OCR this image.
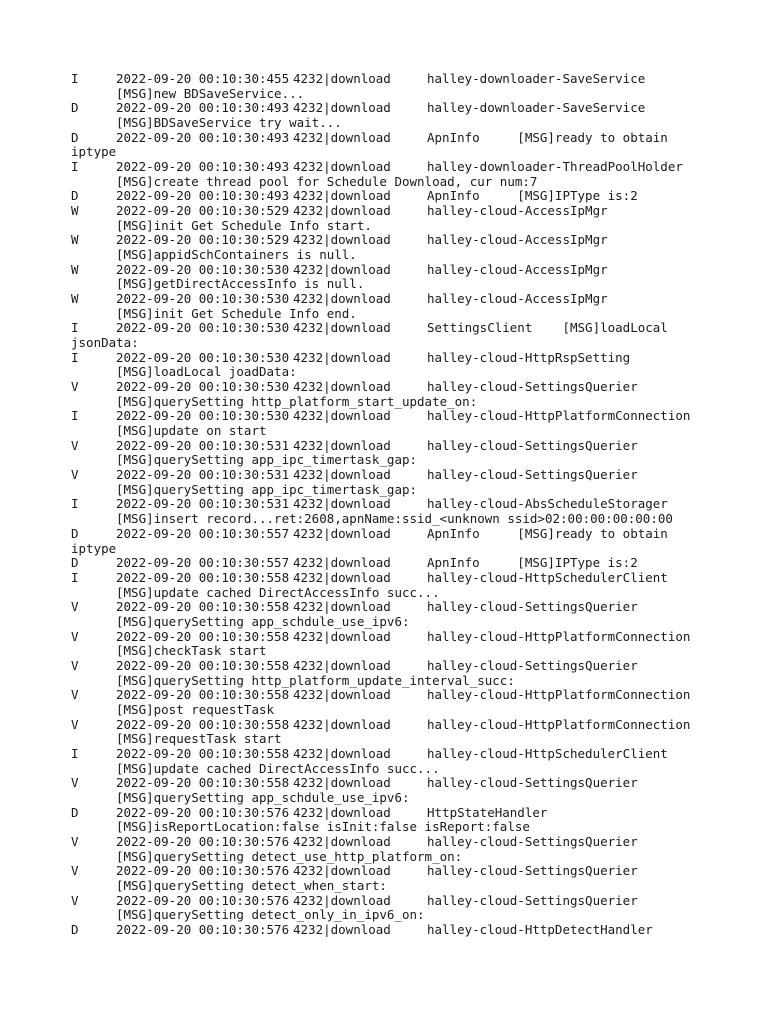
I	2022-09-20 00:10:30:455 4232|download	halley-downloader-SaveService
[MSG]new BDSaveService...
D	2022-09-20 00:10:30:493 4232|download	halley-downloader-SaveService
[MSG]BDSaveService try wait...
D	2022-09-20 00:10:30:493 4232|download	ApnInfo     [MSG]ready to obtain
iptype
I	2022-09-20 00:10:30:493 4232|download	halley-downloader-ThreadPoolHolder
[MSG]create thread pool for Schedule Download, cur num:7
D	2022-09-20 00:10:30:493 4232|download	ApnInfo     [MSG]IPType is:2
W	2022-09-20 00:10:30:529 4232|download	halley-cloud-AccessIpMgr
[MSG]init Get Schedule Info start.
W	2022-09-20 00:10:30:529 4232|download	halley-cloud-AccessIpMgr
[MSG]appidSchContainers is null.
W	2022-09-20 00:10:30:530 4232|download	halley-cloud-AccessIpMgr
[MSG]getDirectAccessInfo is null.
W	2022-09-20 00:10:30:530 4232|download	halley-cloud-AccessIpMgr
[MSG]init Get Schedule Info end.
I	2022-09-20 00:10:30:530 4232|download	SettingsClient    [MSG]loadLocal
jsonData:
I	2022-09-20 00:10:30:530 4232|download	halley-cloud-HttpRspSetting
[MSG]loadLocal joadData:
V	2022-09-20 00:10:30:530 4232|download	halley-cloud-SettingsQuerier
[MSG]querySetting http_platform_start_update_on:
I	2022-09-20 00:10:30:530 4232|download	halley-cloud-HttpPlatformConnection
[MSG]update on start
V	2022-09-20 00:10:30:531 4232|download	halley-cloud-SettingsQuerier
[MSG]querySetting app_ipc_timertask_gap:
V	2022-09-20 00:10:30:531 4232|download	halley-cloud-SettingsQuerier
[MSG]querySetting app_ipc_timertask_gap:
I	2022-09-20 00:10:30:531 4232|download	halley-cloud-AbsScheduleStorager
[MSG]insert record...ret:2608,apnName:ssid_<unknown ssid>02:00:00:00:00:00
D	2022-09-20 00:10:30:557 4232|download	ApnInfo     [MSG]ready to obtain
iptype
D	2022-09-20 00:10:30:557 4232|download	ApnInfo     [MSG]IPType is:2
I	2022-09-20 00:10:30:558 4232|download	halley-cloud-HttpSchedulerClient
[MSG]update cached DirectAccessInfo succ...
V	2022-09-20 00:10:30:558 4232|download	halley-cloud-SettingsQuerier
[MSG]querySetting app_schdule_use_ipv6:
V	2022-09-20 00:10:30:558 4232|download	halley-cloud-HttpPlatformConnection
[MSG]checkTask start
V	2022-09-20 00:10:30:558 4232|download	halley-cloud-SettingsQuerier
[MSG]querySetting http_platform_update_interval_succ:
V	2022-09-20 00:10:30:558 4232|download	halley-cloud-HttpPlatformConnection
[MSG]post requestTask
V	2022-09-20 00:10:30:558 4232|download	halley-cloud-HttpPlatformConnection
[MSG]requestTask start
I	2022-09-20 00:10:30:558 4232|download	halley-cloud-HttpSchedulerClient
[MSG]update cached DirectAccessInfo succ...
V	2022-09-20 00:10:30:558 4232|download	halley-cloud-SettingsQuerier
[MSG]querySetting app_schdule_use_ipv6:
D	2022-09-20 00:10:30:576 4232|download	HttpStateHandler
[MSG]isReportLocation:false isInit:false isReport:false
V	2022-09-20 00:10:30:576 4232|download	halley-cloud-SettingsQuerier
[MSG]querySetting detect_use_http_platform_on:
V	2022-09-20 00:10:30:576 4232|download	halley-cloud-SettingsQuerier
[MSG]querySetting detect_when_start:
V	2022-09-20 00:10:30:576 4232|download	halley-cloud-SettingsQuerier
[MSG]querySetting detect_only_in_ipv6_on:
D	2022-09-20 00:10:30:576 4232|download	halley-cloud-HttpDetectHandler
